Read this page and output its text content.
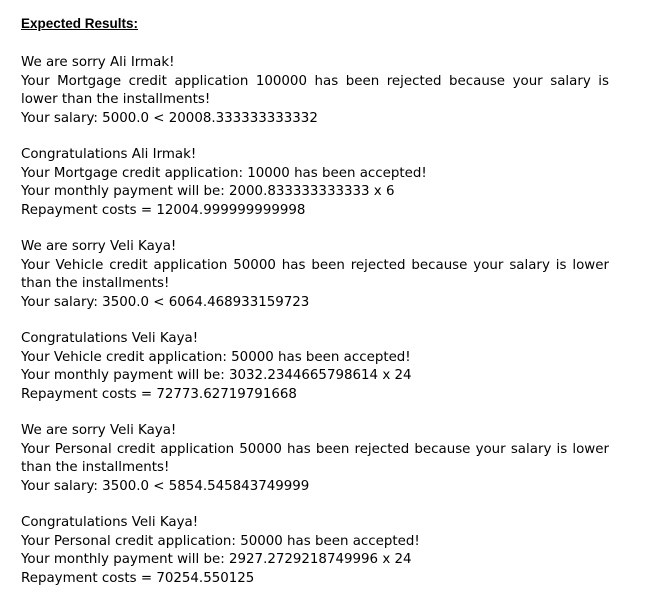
Expected Results:
We are sorry Ali Irmak!
Your Mortgage credit application 100000 has been rejected because your salary is lower than the installments!
Your salary: 5000.0 < 20008.333333333332
Congratulations Ali Irmak!
Your Mortgage credit application: 10000 has been accepted!
Your monthly payment will be: 2000.833333333333 x 6
Repayment costs = 12004.999999999998
We are sorry Veli Kaya!
Your Vehicle credit application 50000 has been rejected because your salary is lower than the installments!
Your salary: 3500.0 < 6064.468933159723
Congratulations Veli Kaya!
Your Vehicle credit application: 50000 has been accepted!
Your monthly payment will be: 3032.2344665798614 x 24
Repayment costs = 72773.62719791668
We are sorry Veli Kaya!
Your Personal credit application 50000 has been rejected because your salary is lower than the installments!
Your salary: 3500.0 < 5854.545843749999
Congratulations Veli Kaya!
Your Personal credit application: 50000 has been accepted!
Your monthly payment will be: 2927.2729218749996 x 24
Repayment costs = 70254.550125
